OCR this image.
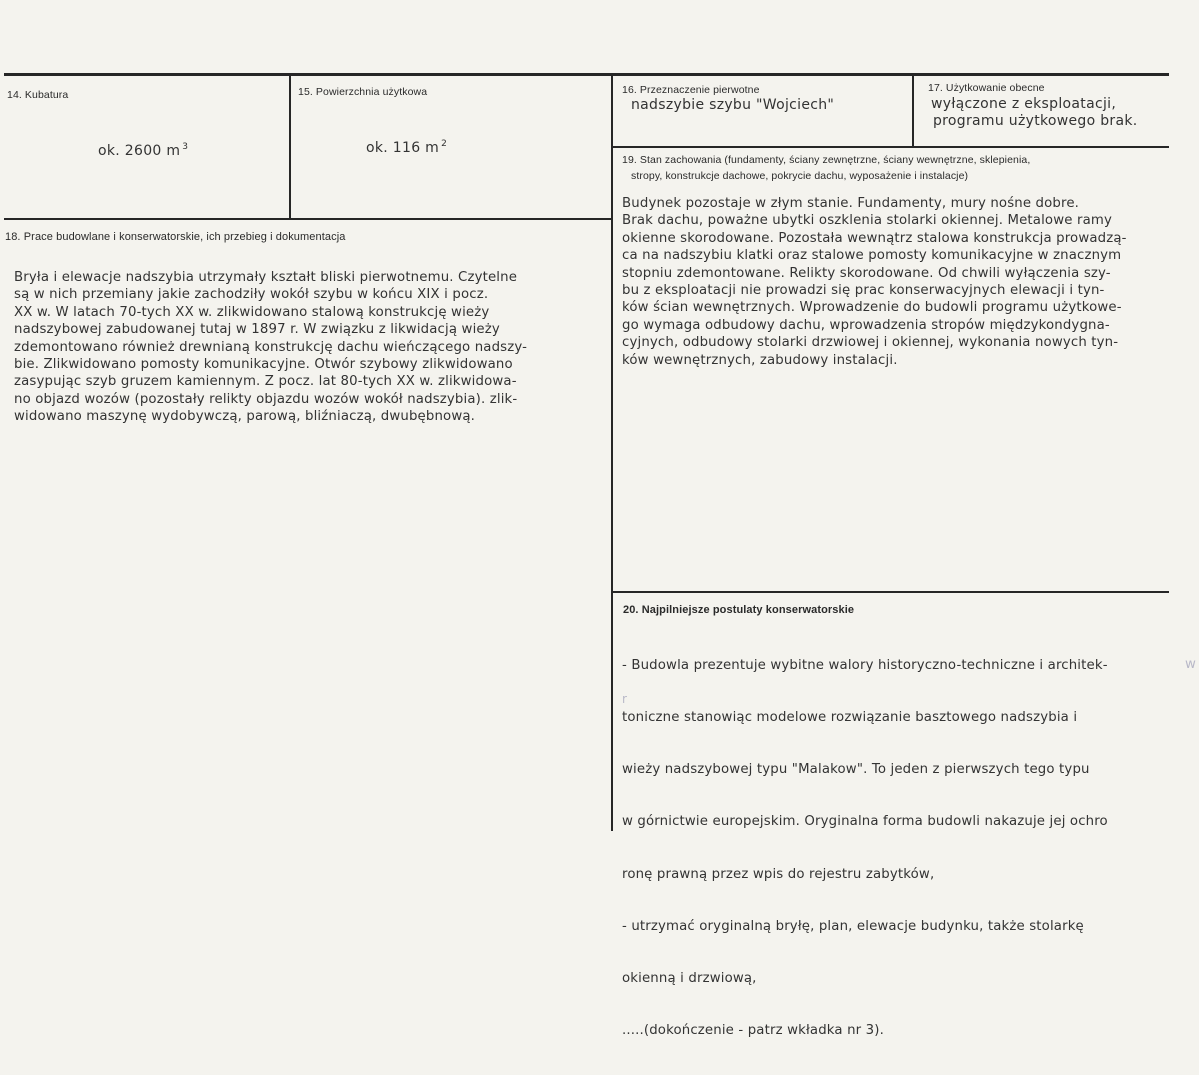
14. Kubatura
ok. 2600 m $^3$
15. Powierzchnia użytkowa
ok. 116 m $^2$
16. Przeznaczenie pierwotne
nadszybie szybu "Wojciech"
17. Użytkowanie obecne
wyłączone z eksploatacji,
programu użytkowego brak.
18. Prace budowlane i konserwatorskie, ich przebieg i dokumentacja
Bryła i elewacje nadszybia utrzymały kształt bliski pierwotnemu. Czytelne
są w nich przemiany jakie zachodziły wokół szybu w końcu XIX i pocz.
XX w. W latach 70-tych XX w. zlikwidowano stalową konstrukcję wieży
nadszybowej zabudowanej tutaj w 1897 r. W związku z likwidacją wieży
zdemontowano również drewnianą konstrukcję dachu wieńczącego nadszy-
bie. Zlikwidowano pomosty komunikacyjne. Otwór szybowy zlikwidowano
zasypując szyb gruzem kamiennym. Z pocz. lat 80-tych XX w. zlikwidowa-
no objazd wozów (pozostały relikty objazdu wozów wokół nadszybia). zlik-
widowano maszynę wydobywczą, parową, bliźniaczą, dwubębnową.
19. Stan zachowania (fundamenty, ściany zewnętrzne, ściany wewnętrzne, sklepienia,
stropy, konstrukcje dachowe, pokrycie dachu, wyposażenie i instalacje)
Budynek pozostaje w złym stanie. Fundamenty, mury nośne dobre.
Brak dachu, poważne ubytki oszklenia stolarki okiennej. Metalowe ramy
okienne skorodowane. Pozostała wewnątrz stalowa konstrukcja prowadzą-
ca na nadszybiu klatki oraz stalowe pomosty komunikacyjne w znacznym
stopniu zdemontowane. Relikty skorodowane. Od chwili wyłączenia szy-
bu z eksploatacji nie prowadzi się prac konserwacyjnych elewacji i tyn-
ków ścian wewnętrznych. Wprowadzenie do budowli programu użytkowe-
go wymaga odbudowy dachu, wprowadzenia stropów międzykondygna-
cyjnych, odbudowy stolarki drzwiowej i okiennej, wykonania nowych tyn-
ków wewnętrznych, zabudowy instalacji.
20. Najpilniejsze postulaty konserwatorskie

- Budowla prezentuje wybitne walory historyczno-techniczne i architek-

toniczne stanowiąc modelowe rozwiązanie basztowego nadszybia i

wieży nadszybowej typu "Malakow". To jeden z pierwszych tego typu

w górnictwie europejskim. Oryginalna forma budowli nakazuje jej ochro

ronę prawną przez wpis do rejestru zabytków,

- utrzymać oryginalną bryłę, plan, elewacje budynku, także stolarkę

okienną i drzwiową,

.....(dokończenie - patrz wkładka nr 3).

w
r
